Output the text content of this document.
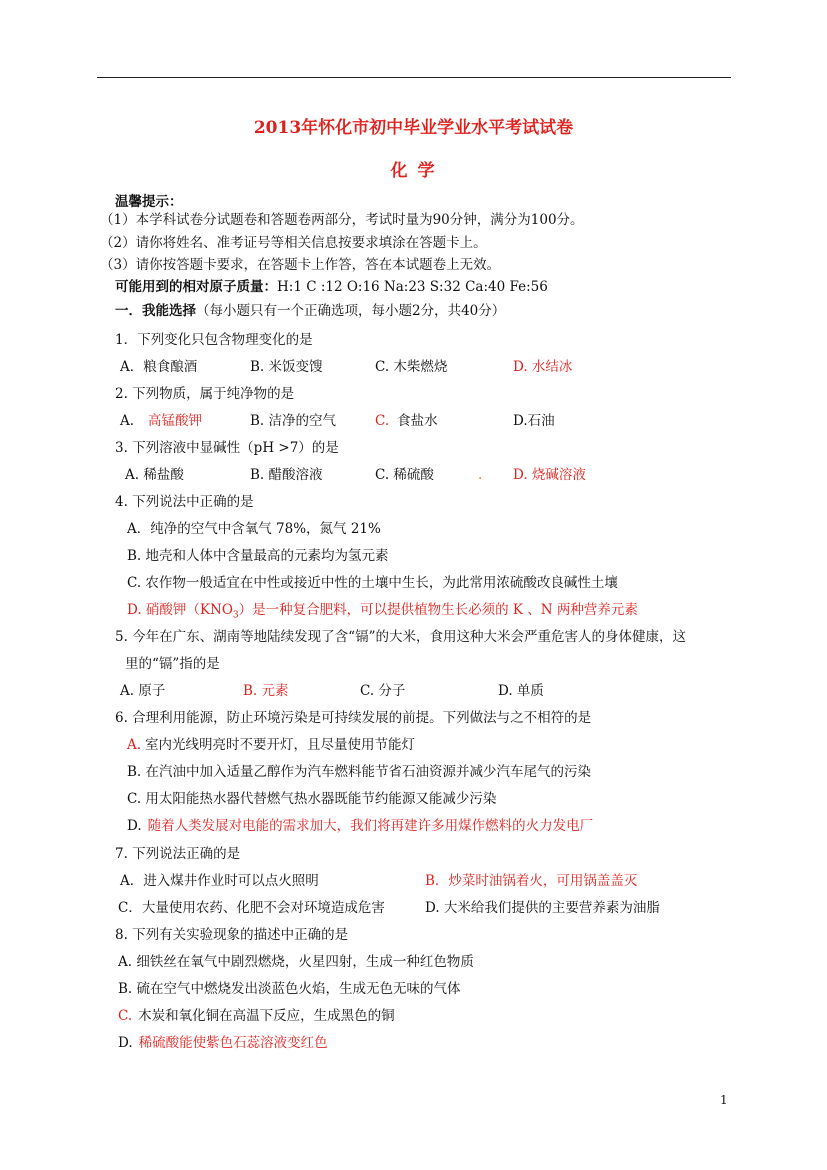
2013年怀化市初中毕业学业水平考试试卷
化 学
温馨提示：
（1）本学科试卷分试题卷和答题卷两部分，考试时量为90分钟，满分为100分。
（2）请你将姓名、准考证号等相关信息按要求填涂在答题卡上。
（3）请你按答题卡要求，在答题卡上作答，答在本试题卷上无效。
可能用到的相对原子质量：H:1 C :12 O:16 Na:23 S:32 Ca:40 Fe:56
一．我能选择（每小题只有一个正确选项，每小题2分，共40分）
1．下列变化只包含物理变化的是
A．粮食酿酒	B. 米饭变馊	C. 木柴燃烧	D. 水结冰
2. 下列物质，属于纯净物的是
A. 高锰酸钾	B. 洁净的空气	C. 食盐水	D.石油
3. 下列溶液中显碱性（pH >7）的是
A. 稀盐酸	B. 醋酸溶液	C. 稀硫酸	. D. 烧碱溶液
4. 下列说法中正确的是
A．纯净的空气中含氧气 78%，氮气 21%
B. 地壳和人体中含量最高的元素均为氢元素
C. 农作物一般适宜在中性或接近中性的土壤中生长，为此常用浓硫酸改良碱性土壤
D. 硝酸钾$(KNO_3)$是一种复合肥料，可以提供植物生长必须的 K 、N 两种营养元素
5. 今年在广东、湖南等地陆续发现了含“镉”的大米，食用这种大米会严重危害人的身体健康，这
里的“镉”指的是
A. 原子	B. 元素	C. 分子	D. 单质
6. 合理利用能源，防止环境污染是可持续发展的前提。下列做法与之不相符的是
A. 室内光线明亮时不要开灯，且尽量使用节能灯
B. 在汽油中加入适量乙醇作为汽车燃料能节省石油资源并减少汽车尾气的污染
C. 用太阳能热水器代替燃气热水器既能节约能源又能减少污染
D. 随着人类发展对电能的需求加大，我们将再建许多用煤作燃料的火力发电厂
7. 下列说法正确的是
A．进入煤井作业时可以点火照明	B．炒菜时油锅着火，可用锅盖盖灭
C．大量使用农药、化肥不会对环境造成危害	D. 大米给我们提供的主要营养素为油脂
8. 下列有关实验现象的描述中正确的是
A. 细铁丝在氧气中剧烈燃烧，火星四射，生成一种红色物质
B. 硫在空气中燃烧发出淡蓝色火焰，生成无色无味的气体
C. 木炭和氧化铜在高温下反应，生成黑色的铜
D. 稀硫酸能使紫色石蕊溶液变红色
1
